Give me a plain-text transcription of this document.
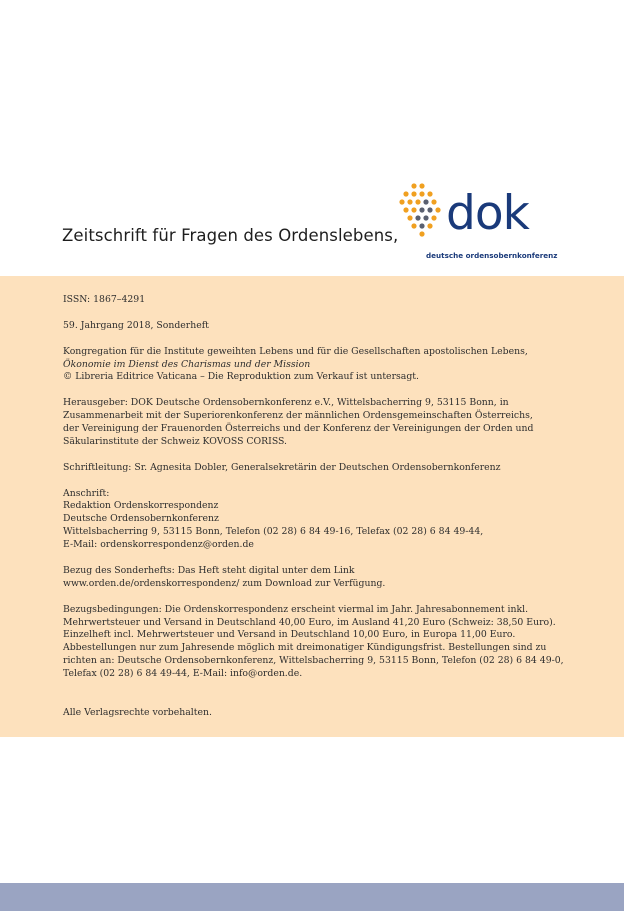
Zeitschrift für Fragen des Ordenslebens, dok
deutsche ordensobernkonferenz

ISSN: 1867–4291

59. Jahrgang 2018, Sonderheft

Kongregation für die Institute geweihten Lebens und für die Gesellschaften apostolischen Lebens,
Ökonomie im Dienst des Charismas und der Mission
© Libreria Editrice Vaticana – Die Reproduktion zum Verkauf ist untersagt.

Herausgeber: DOK Deutsche Ordensobernkonferenz e.V., Wittelsbacherring 9, 53115 Bonn, in
Zusammenarbeit mit der Superiorenkonferenz der männlichen Ordensgemeinschaften Österreichs,
der Vereinigung der Frauenorden Österreichs und der Konferenz der Vereinigungen der Orden und
Säkularinstitute der Schweiz KOVOSS CORISS.

Schriftleitung: Sr. Agnesita Dobler, Generalsekretärin der Deutschen Ordensobernkonferenz

Anschrift:
Redaktion Ordenskorrespondenz
Deutsche Ordensobernkonferenz
Wittelsbacherring 9, 53115 Bonn, Telefon (02 28) 6 84 49-16, Telefax (02 28) 6 84 49-44,
E-Mail: ordenskorrespondenz@orden.de

Bezug des Sonderhefts: Das Heft steht digital unter dem Link
www.orden.de/ordenskorrespondenz/ zum Download zur Verfügung.

Bezugsbedingungen: Die Ordenskorrespondenz erscheint viermal im Jahr. Jahresabonnement inkl.
Mehrwertsteuer und Versand in Deutschland 40,00 Euro, im Ausland 41,20 Euro (Schweiz: 38,50 Euro).
Einzelheft incl. Mehrwertsteuer und Versand in Deutschland 10,00 Euro, in Europa 11,00 Euro.
Abbestellungen nur zum Jahresende möglich mit dreimonatiger Kündigungsfrist. Bestellungen sind zu
richten an: Deutsche Ordensobernkonferenz, Wittelsbacherring 9, 53115 Bonn, Telefon (02 28) 6 84 49-0,
Telefax (02 28) 6 84 49-44, E-Mail: info@orden.de.

Alle Verlagsrechte vorbehalten.
